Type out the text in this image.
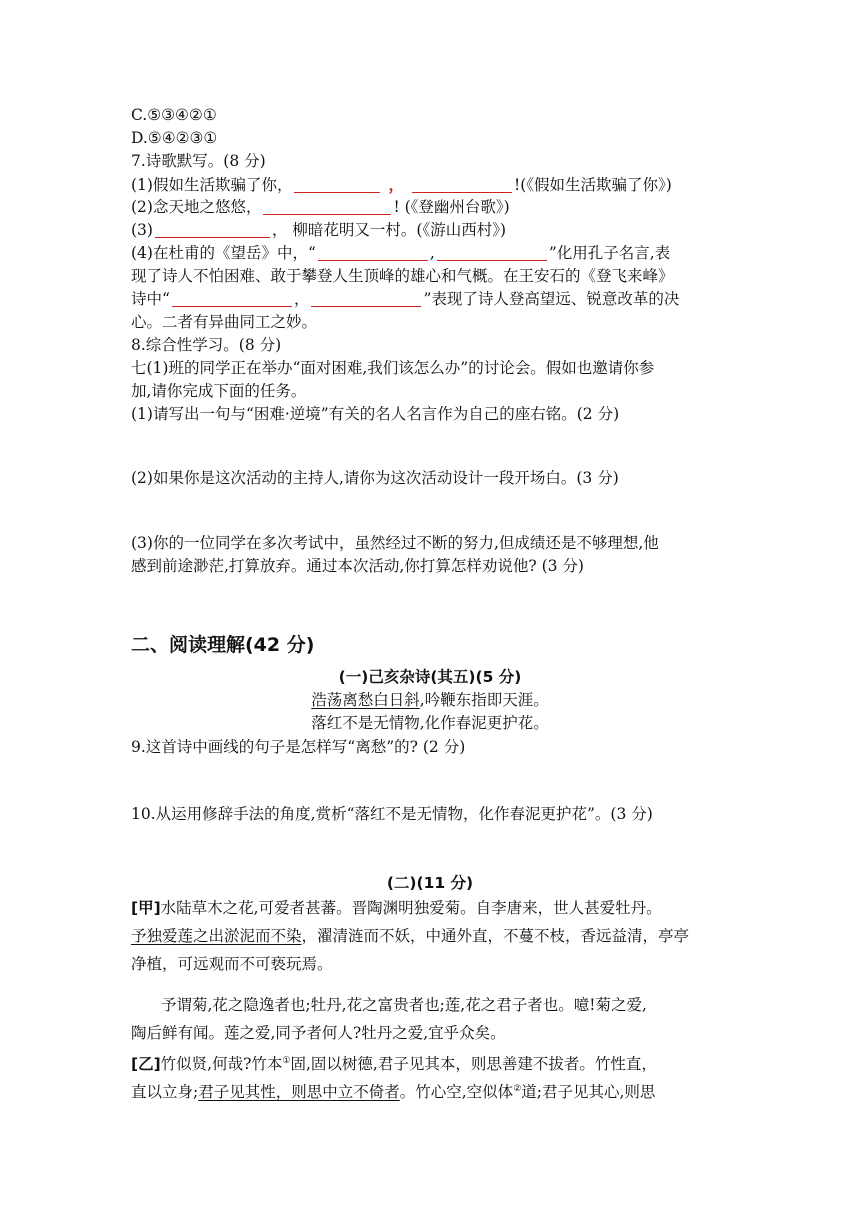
C.⑤③④②①
D.⑤④②③①
7.诗歌默写。(8 分)
(1)假如生活欺骗了你，	，	!(《假如生活欺骗了你》)
(2)念天地之悠悠，	! (《登幽州台歌》)
(3)	， 柳暗花明又一村。(《游山西村》)
(4)在杜甫的《望岳》中，“	,	”化用孔子名言,表
现了诗人不怕困难、敢于攀登人生顶峰的雄心和气概。在王安石的《登飞来峰》
诗中“	，	”表现了诗人登高望远、锐意改革的决
心。二者有异曲同工之妙。
8.综合性学习。(8 分)
七(1)班的同学正在举办“面对困难,我们该怎么办”的讨论会。假如也邀请你参
加,请你完成下面的任务。
(1)请写出一句与“困难·逆境”有关的名人名言作为自己的座右铭。(2 分)
(2)如果你是这次活动的主持人,请你为这次活动设计一段开场白。(3 分)
(3)你的一位同学在多次考试中，虽然经过不断的努力,但成绩还是不够理想,他
感到前途渺茫,打算放弃。通过本次活动,你打算怎样劝说他? (3 分)
二、阅读理解(42 分)
(一)己亥杂诗(其五)(5 分)
浩荡离愁白日斜,吟鞭东指即天涯。
落红不是无情物,化作春泥更护花。
9.这首诗中画线的句子是怎样写“离愁”的? (2 分)
10.从运用修辞手法的角度,赏析“落红不是无情物，化作春泥更护花”。(3 分)
(二)(11 分)
[甲]水陆草木之花,可爱者甚蕃。晋陶渊明独爱菊。自李唐来，世人甚爱牡丹。
予独爱莲之出淤泥而不染，濯清涟而不妖，中通外直，不蔓不枝，香远益清，亭亭
净植，可远观而不可亵玩焉。
予谓菊,花之隐逸者也;牡丹,花之富贵者也;莲,花之君子者也。噫!菊之爱,
陶后鲜有闻。莲之爱,同予者何人?牡丹之爱,宜乎众矣。
[乙]竹似贤,何哉?竹本①固,固以树德,君子见其本，则思善建不拔者。竹性直，
直以立身;君子见其性，则思中立不倚者。竹心空,空似体②道;君子见其心,则思
